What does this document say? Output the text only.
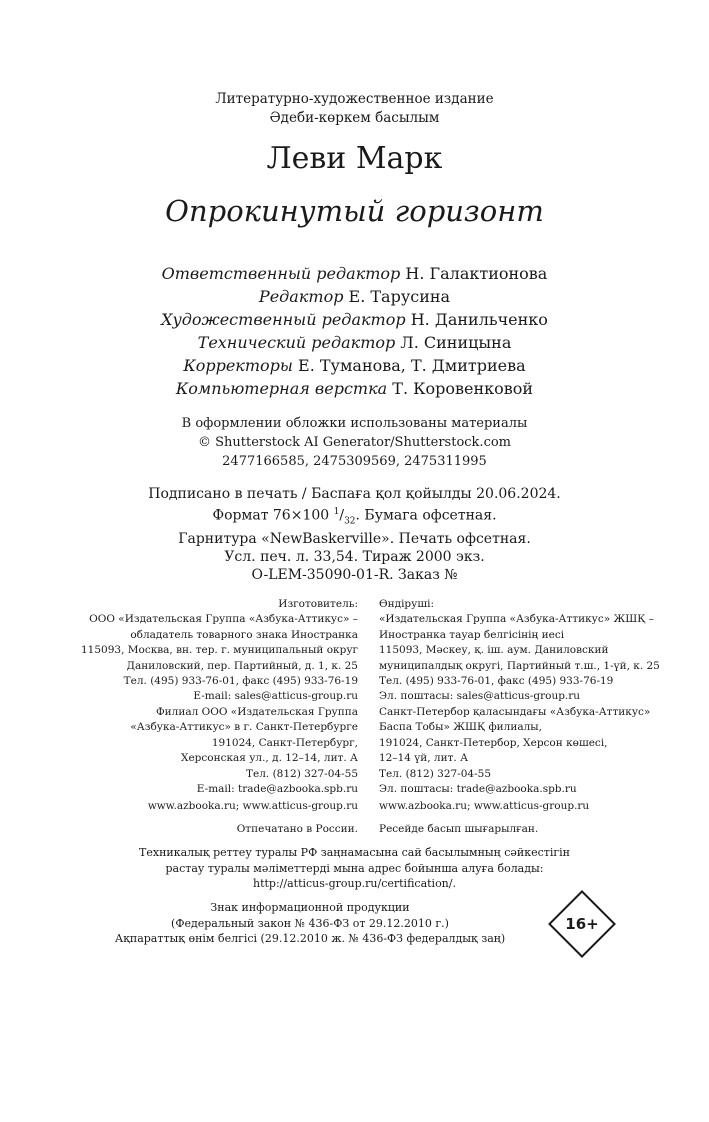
Литературно-художественное издание
Әдеби-көркем басылым
Леви Марк
Опрокинутый горизонт
Ответственный редактор Н. Галактионова
Редактор Е. Тарусина
Художественный редактор Н. Данильченко
Технический редактор Л. Синицына
Корректоры Е. Туманова, Т. Дмитриева
Компьютерная верстка Т. Коровенковой
В оформлении обложки использованы материалы
© Shutterstock AI Generator/Shutterstock.com
2477166585, 2475309569, 2475311995
Подписано в печать / Баспаға қол қойылды 20.06.2024.
Формат 76×100 $^1/_{32}$. Бумага офсетная.
Гарнитура «NewBaskerville». Печать офсетная.
Усл. печ. л. 33,54. Тираж 2000 экз.
O-LEM-35090-01-R. Заказ №
Изготовитель:
ООО «Издательская Группа «Азбука-Аттикус» –
обладатель товарного знака Иностранка
115093, Москва, вн. тер. г. муниципальный округ
Даниловский, пер. Партийный, д. 1, к. 25
Тел. (495) 933-76-01, факс (495) 933-76-19
E-mail: sales@atticus-group.ru
Өндіруші:
«Издательская Группа «Азбука-Аттикус» ЖШҚ –
Иностранка тауар белгісінің иесі
115093, Мәскеу, қ. іш. аум. Даниловский
муниципалдық округі, Партийный т.ш., 1-үй, к. 25
Тел. (495) 933-76-01, факс (495) 933-76-19
Эл. поштасы: sales@atticus-group.ru
Филиал ООО «Издательская Группа
«Азбука-Аттикус» в г. Санкт-Петербурге
191024, Санкт-Петербург,
Херсонская ул., д. 12–14, лит. А
Тел. (812) 327-04-55
E-mail: trade@azbooka.spb.ru
Санкт-Петербор қаласындағы «Азбука-Аттикус»
Баспа Тобы» ЖШҚ филиалы,
191024, Санкт-Петербор, Херсон көшесі,
12–14 үй, лит. А
Тел. (812) 327-04-55
Эл. поштасы: trade@azbooka.spb.ru
www.azbooka.ru; www.atticus-group.ru www.azbooka.ru; www.atticus-group.ru
Отпечатано в России. Ресейде басып шығарылған.
Техникалық реттеу туралы РФ заңнамасына сай басылымның сәйкестігін
растау туралы мәліметтерді мына адрес бойынша алуға болады:
http://atticus-group.ru/certification/.
Знак информационной продукции
(Федеральный закон № 436-ФЗ от 29.12.2010 г.)
Ақпараттық өнім белгісі (29.12.2010 ж. № 436-ФЗ федералдық заң)
16+
